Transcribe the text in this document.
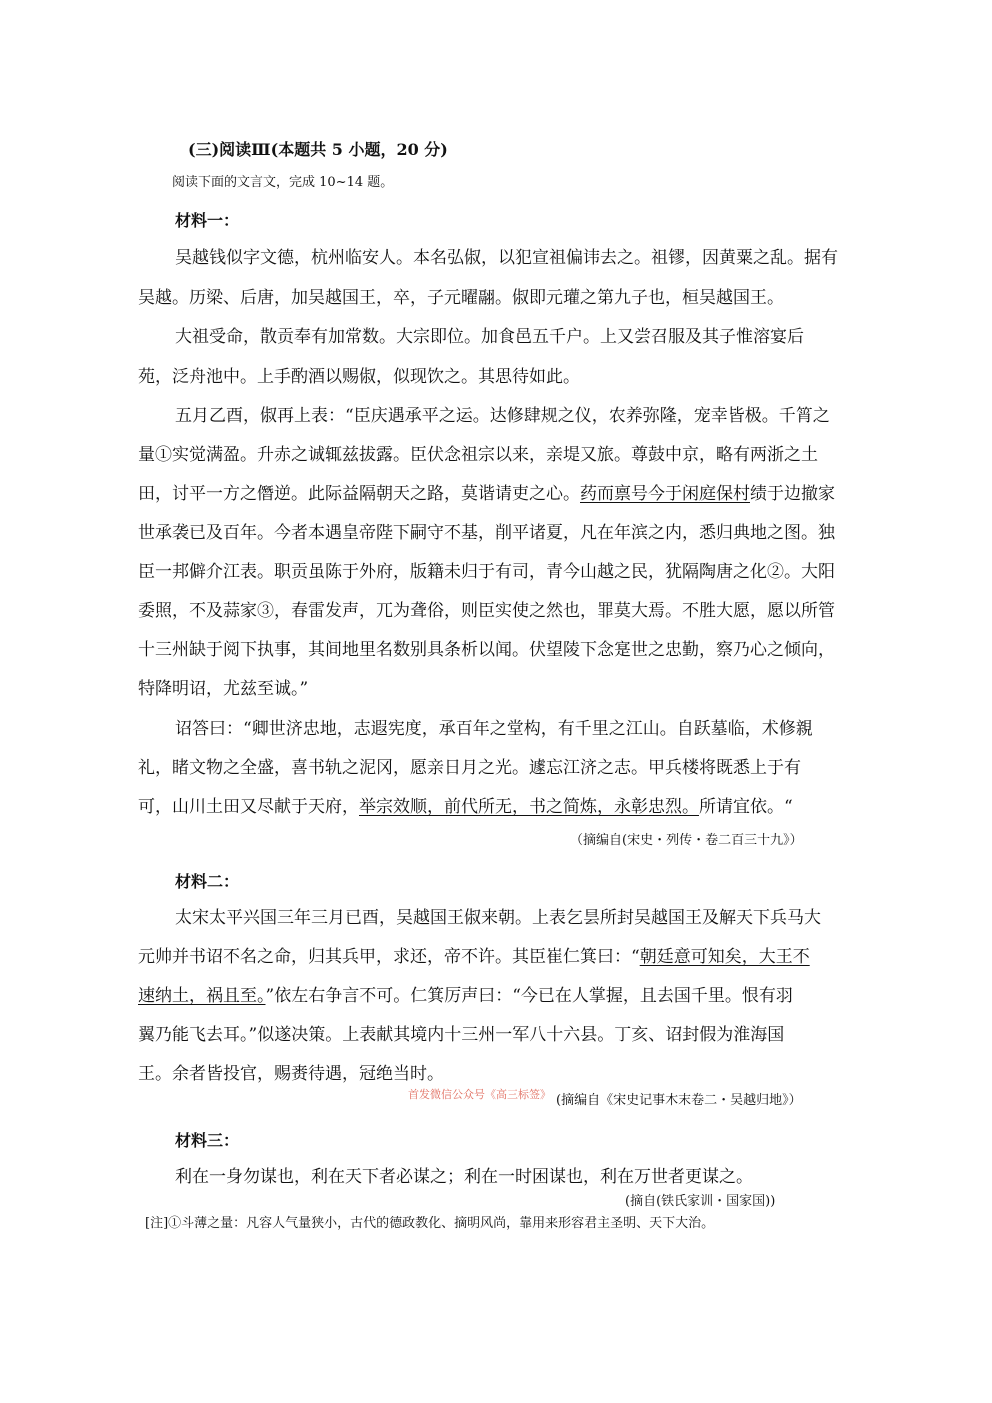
(三)阅读Ⅲ(本题共 5 小题，20 分)
阅读下面的文言文，完成 10~14 题。
材料一：
吴越钱似字文德，杭州临安人。本名弘俶，以犯宣祖偏讳去之。祖镠，因黄粟之乱。据有
吴越。历梁、后唐，加吴越国王，卒，子元曜翮。俶即元瓘之第九子也，桓吴越国王。
大祖受命，散贡奉有加常数。大宗即位。加食邑五千户。上又尝召服及其子惟溶宴后
苑，泛舟池中。上手酌酒以赐俶，似现饮之。其思待如此。
五月乙酉，俶再上表：“臣庆遇承平之运。达修肆规之仪，农养弥隆，宠幸皆极。千筲之
量①实觉满盈。升赤之诚辄兹拔露。臣伏念祖宗以来，亲堤又旅。尊鼓中京，略有两浙之土
田，讨平一方之僭逆。此际益隔朝天之路，莫谐请吏之心。药而禀号今于闲庭保村绩于边撤家
世承袭已及百年。今者本遇皇帝陛下嗣守不基，削平诸夏，凡在年滨之内，悉归典地之图。独
臣一邦僻介江表。职贡虽陈于外府，版籍未归于有司，青今山越之民，犹隔陶唐之化②。大阳
委照，不及蒜家③，春雷发声，兀为聋俗，则臣实使之然也，罪莫大焉。不胜大愿，愿以所管
十三州缺于阅下执事，其间地里名数别具条析以闻。伏望陵下念寔世之忠勤，察乃心之倾向，
特降明诏，尤兹至诚。”
诏答曰：“卿世济忠地，志遐宪度，承百年之堂构，有千里之江山。自跃墓临，术修親
礼，睹文物之全盛，喜书轨之泥冈，愿亲日月之光。遽忘江济之志。甲兵楼将既悉上于有
可，山川土田又尽献于天府，举宗效顺，前代所无，书之简炼，永彰忠烈。所请宜依。“
（摘编自(宋史・列传・卷二百三十九》）
材料二：
太宋太平兴国三年三月已酉，吴越国王俶来朝。上表乞昙所封吴越国王及解天下兵马大
元帅并书诏不名之命，归其兵甲，求还，帝不许。其臣崔仁箕曰：“朝廷意可知矣，大王不
速纳土，祸且至。”依左右争言不可。仁箕厉声曰：“今已在人掌握，且去国千里。恨有羽
翼乃能飞去耳。”似遂决策。上表献其境内十三州一军八十六县。丁亥、诏封假为淮海国
王。余者皆投官，赐赉待遇，冠绝当时。
首发微信公众号《高三标签》 (摘编自《宋史记事木末卷二・吴越归地》）
材料三：
利在一身勿谋也，利在天下者必谋之；利在一时困谋也，利在万世者更谋之。
(摘自(铁氏家训・国家国))
[注]①斗薄之量：凡容人气量狭小，古代的德政教化、摘明风尚，靠用来形容君主圣明、天下大治。
